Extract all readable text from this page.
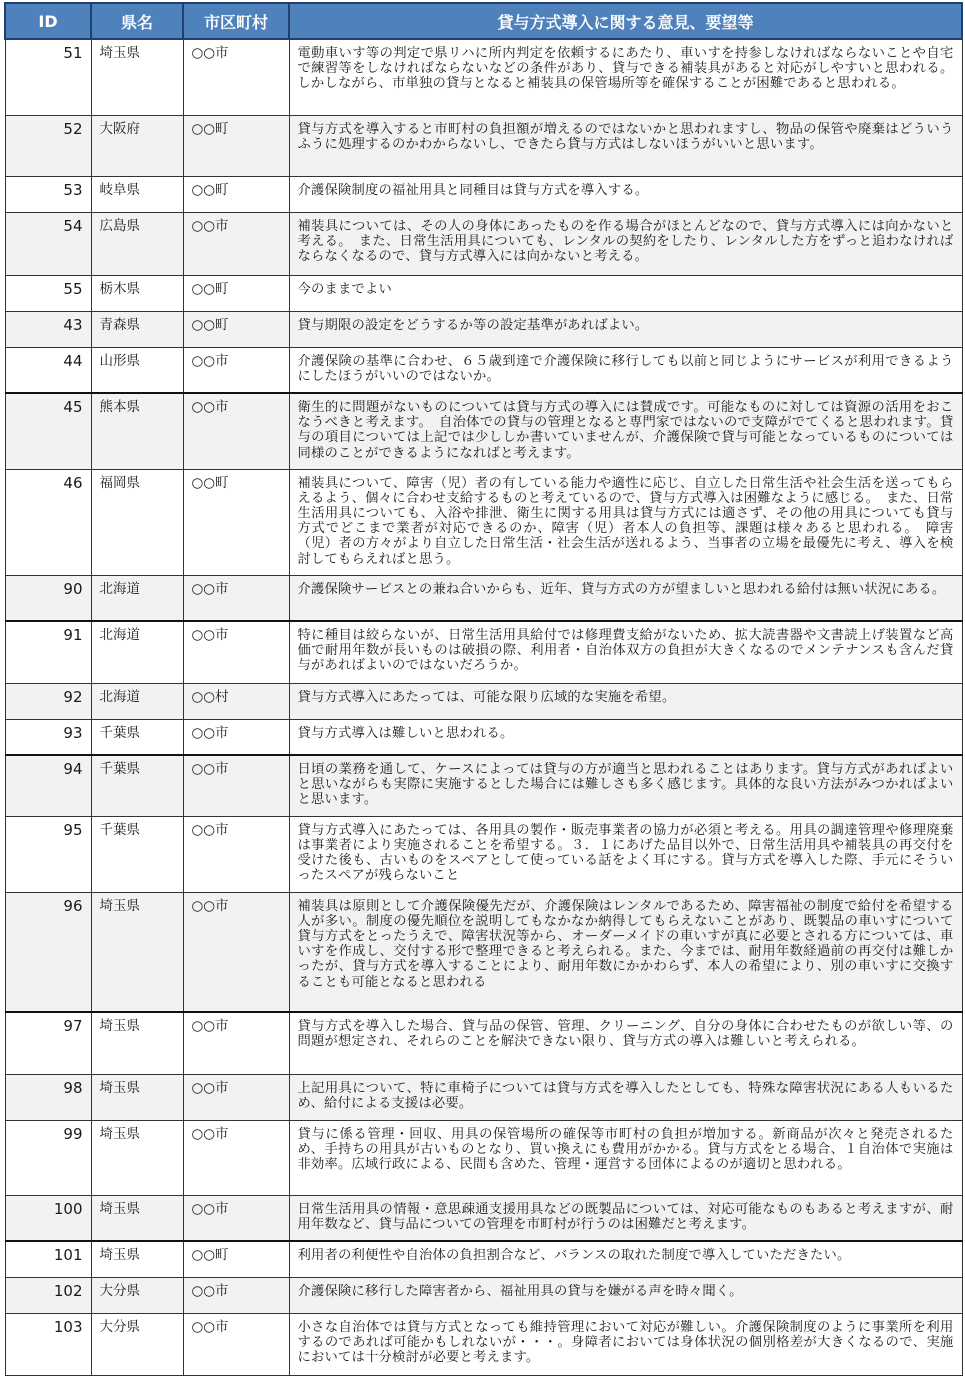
ID	県名	市区町村	貸与方式導入に関する意見、要望等
51	埼玉県	○○市	電動車いす等の判定で県リハに所内判定を依頼するにあたり、車いすを持参しなければならないことや自宅で練習等をしなければならないなどの条件があり、貸与できる補装具があると対応がしやすいと思われる。しかしながら、市単独の貸与となると補装具の保管場所等を確保することが困難であると思われる。
52	大阪府	○○町	貸与方式を導入すると市町村の負担額が増えるのではないかと思われますし、物品の保管や廃棄はどういうふうに処理するのかわからないし、できたら貸与方式はしないほうがいいと思います。
53	岐阜県	○○町	介護保険制度の福祉用具と同種目は貸与方式を導入する。
54	広島県	○○市	補装具については、その人の身体にあったものを作る場合がほとんどなので、貸与方式導入には向かないと考える。　また、日常生活用具についても、レンタルの契約をしたり、レンタルした方をずっと追わなければならなくなるので、貸与方式導入には向かないと考える。
55	栃木県	○○町	今のままでよい
43	青森県	○○町	貸与期限の設定をどうするか等の設定基準があればよい。
44	山形県	○○市	介護保険の基準に合わせ、６５歳到達で介護保険に移行しても以前と同じようにサービスが利用できるようにしたほうがいいのではないか。
45	熊本県	○○市	衛生的に問題がないものについては貸与方式の導入には賛成です。可能なものに対しては資源の活用をおこなうべきと考えます。　自治体での貸与の管理となると専門家ではないので支障がでてくると思われます。貸与の項目については上記では少ししか書いていませんが、介護保険で貸与可能となっているものについては同様のことができるようになればと考えます。
46	福岡県	○○町	補装具について、障害（児）者の有している能力や適性に応じ、自立した日常生活や社会生活を送ってもらえるよう、個々に合わせ支給するものと考えているので、貸与方式導入は困難なように感じる。　また、日常生活用具についても、入浴や排泄、衛生に関する用具は貸与方式には適さず、その他の用具についても貸与方式でどこまで業者が対応できるのか、障害（児）者本人の負担等、課題は様々あると思われる。　障害（児）者の方々がより自立した日常生活・社会生活が送れるよう、当事者の立場を最優先に考え、導入を検討してもらえればと思う。
90	北海道	○○市	介護保険サービスとの兼ね合いからも、近年、貸与方式の方が望ましいと思われる給付は無い状況にある。
91	北海道	○○市	特に種目は絞らないが、日常生活用具給付では修理費支給がないため、拡大読書器や文書読上げ装置など高価で耐用年数が長いものは破損の際、利用者・自治体双方の負担が大きくなるのでメンテナンスも含んだ貸与があればよいのではないだろうか。
92	北海道	○○村	貸与方式導入にあたっては、可能な限り広域的な実施を希望。
93	千葉県	○○市	貸与方式導入は難しいと思われる。
94	千葉県	○○市	日頃の業務を通して、ケースによっては貸与の方が適当と思われることはあります。貸与方式があればよいと思いながらも実際に実施するとした場合には難しさも多く感じます。具体的な良い方法がみつかればよいと思います。
95	千葉県	○○市	貸与方式導入にあたっては、各用具の製作・販売事業者の協力が必須と考える。用具の調達管理や修理廃棄は事業者により実施されることを希望する。３．１にあげた品目以外で、日常生活用具や補装具の再交付を受けた後も、古いものをスペアとして使っている話をよく耳にする。貸与方式を導入した際、手元にそういったスペアが残らないこと
96	埼玉県	○○市	補装具は原則として介護保険優先だが、介護保険はレンタルであるため、障害福祉の制度で給付を希望する人が多い。制度の優先順位を説明してもなかなか納得してもらえないことがあり、既製品の車いすについて貸与方式をとったうえで、障害状況等から、オーダーメイドの車いすが真に必要とされる方については、車いすを作成し、交付する形で整理できると考えられる。また、今までは、耐用年数経過前の再交付は難しかったが、貸与方式を導入することにより、耐用年数にかかわらず、本人の希望により、別の車いすに交換することも可能となると思われる
97	埼玉県	○○市	貸与方式を導入した場合、貸与品の保管、管理、クリーニング、自分の身体に合わせたものが欲しい等、の問題が想定され、それらのことを解決できない限り、貸与方式の導入は難しいと考えられる。
98	埼玉県	○○市	上記用具について、特に車椅子については貸与方式を導入したとしても、特殊な障害状況にある人もいるため、給付による支援は必要。
99	埼玉県	○○市	貸与に係る管理・回収、用具の保管場所の確保等市町村の負担が増加する。新商品が次々と発売されるため、手持ちの用具が古いものとなり、買い換えにも費用がかかる。貸与方式をとる場合、１自治体で実施は非効率。広域行政による、民間も含めた、管理・運営する団体によるのが適切と思われる。
100	埼玉県	○○市	日常生活用具の情報・意思疎通支援用具などの既製品については、対応可能なものもあると考えますが、耐用年数など、貸与品についての管理を市町村が行うのは困難だと考えます。
101	埼玉県	○○町	利用者の利便性や自治体の負担割合など、バランスの取れた制度で導入していただきたい。
102	大分県	○○市	介護保険に移行した障害者から、福祉用具の貸与を嫌がる声を時々聞く。
103	大分県	○○市	小さな自治体では貸与方式となっても維持管理において対応が難しい。介護保険制度のように事業所を利用するのであれば可能かもしれないが・・・。身障者においては身体状況の個別格差が大きくなるので、実施においては十分検討が必要と考えます。
